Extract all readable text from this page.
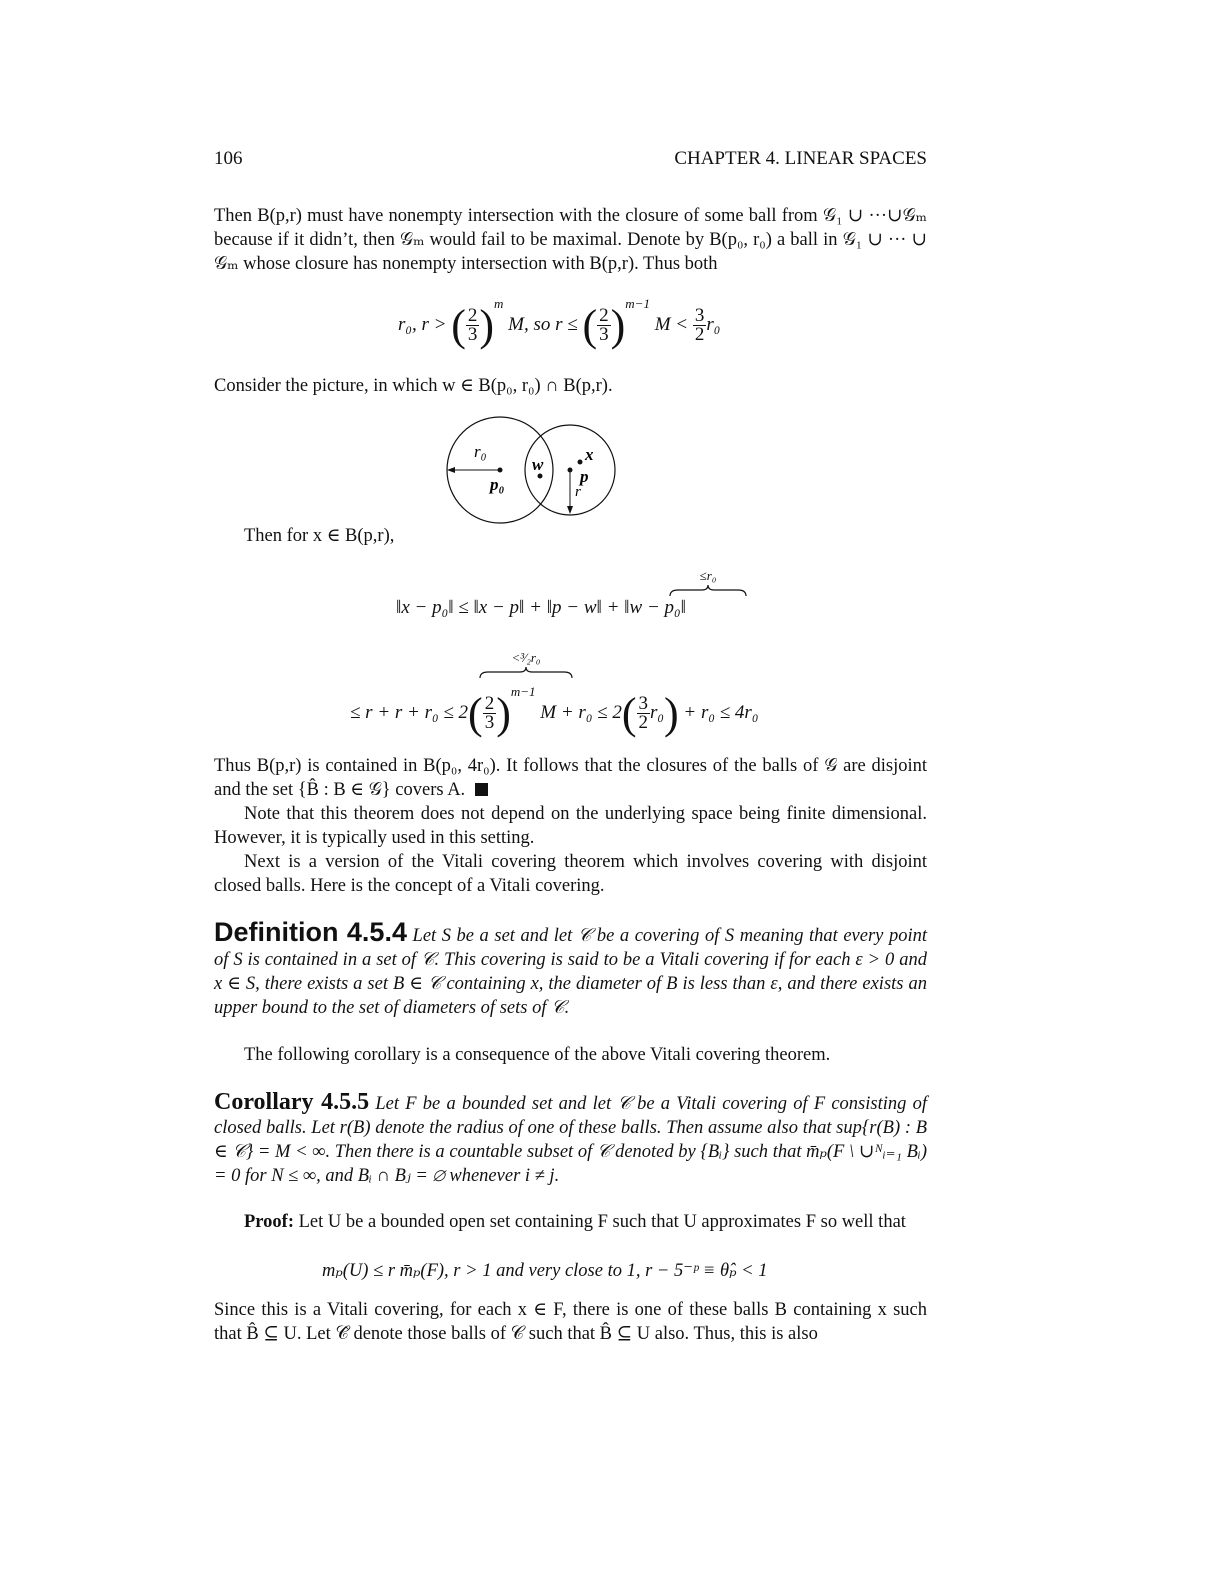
106	CHAPTER 4. LINEAR SPACES

Then B(p,r) must have nonempty intersection with the closure of some ball from 𝒢₁ ∪ ···∪𝒢ₘ because if it didn’t, then 𝒢ₘ would fail to be maximal. Denote by B(p₀, r₀) a ball in 𝒢₁ ∪ ··· ∪ 𝒢ₘ whose closure has nonempty intersection with B(p,r). Thus both

r₀, r > ( $\frac{2}{3} )^m$ M, so r ≤ ( $\frac{2}{3} )^{m-1}$ $M < \frac{3}{2} r_0$

Consider the picture, in which w ∈ B(p₀, r₀) ∩ B(p,r).

r₀
p₀
w
x
p
r

Then for x ∈ B(p,r),

≤r₀
‖x − p₀‖ ≤ ‖x − p‖ + ‖p − w‖ + ‖w − p₀‖
<³⁄₂r₀
≤ $r + r + r_0 \le 2( \frac{2}{3} )^{m-1}$ $M + r_0 \le 2( \frac{3}{2} r_0) + r_0 \le 4r_0$

Thus B(p,r) is contained in B(p₀, 4r₀). It follows that the closures of the balls of 𝒢 are disjoint and the set {B̂ : B ∈ 𝒢} covers A.

Note that this theorem does not depend on the underlying space being finite dimensional. However, it is typically used in this setting.

Next is a version of the Vitali covering theorem which involves covering with disjoint closed balls. Here is the concept of a Vitali covering.

Definition 4.5.4 Let S be a set and let 𝒞 be a covering of S meaning that every point of S is contained in a set of 𝒞. This covering is said to be a Vitali covering if for each ε > 0 and x ∈ S, there exists a set B ∈ 𝒞 containing x, the diameter of B is less than ε, and there exists an upper bound to the set of diameters of sets of 𝒞.

The following corollary is a consequence of the above Vitali covering theorem.

Corollary 4.5.5 Let F be a bounded set and let 𝒞 be a Vitali covering of F consisting of closed balls. Let r(B) denote the radius of one of these balls. Then assume also that sup{r(B) : B ∈ 𝒞} = M < ∞. Then there is a countable subset of 𝒞 denoted by {Bᵢ} such that m̄ₚ(F \ ∪ᴺᵢ₌₁ Bᵢ) = 0 for N ≤ ∞, and Bᵢ ∩ Bⱼ = ∅ whenever i ≠ j.

Proof: Let U be a bounded open set containing F such that U approximates F so well that

mₚ(U) ≤ r m̄ₚ(F), r > 1 and very close to 1, r − 5⁻ᵖ ≡ θ̂ₚ < 1

Since this is a Vitali covering, for each x ∈ F, there is one of these balls B containing x such that B̂ ⊆ U. Let 𝒞̂ denote those balls of 𝒞 such that B̂ ⊆ U also. Thus, this is also
